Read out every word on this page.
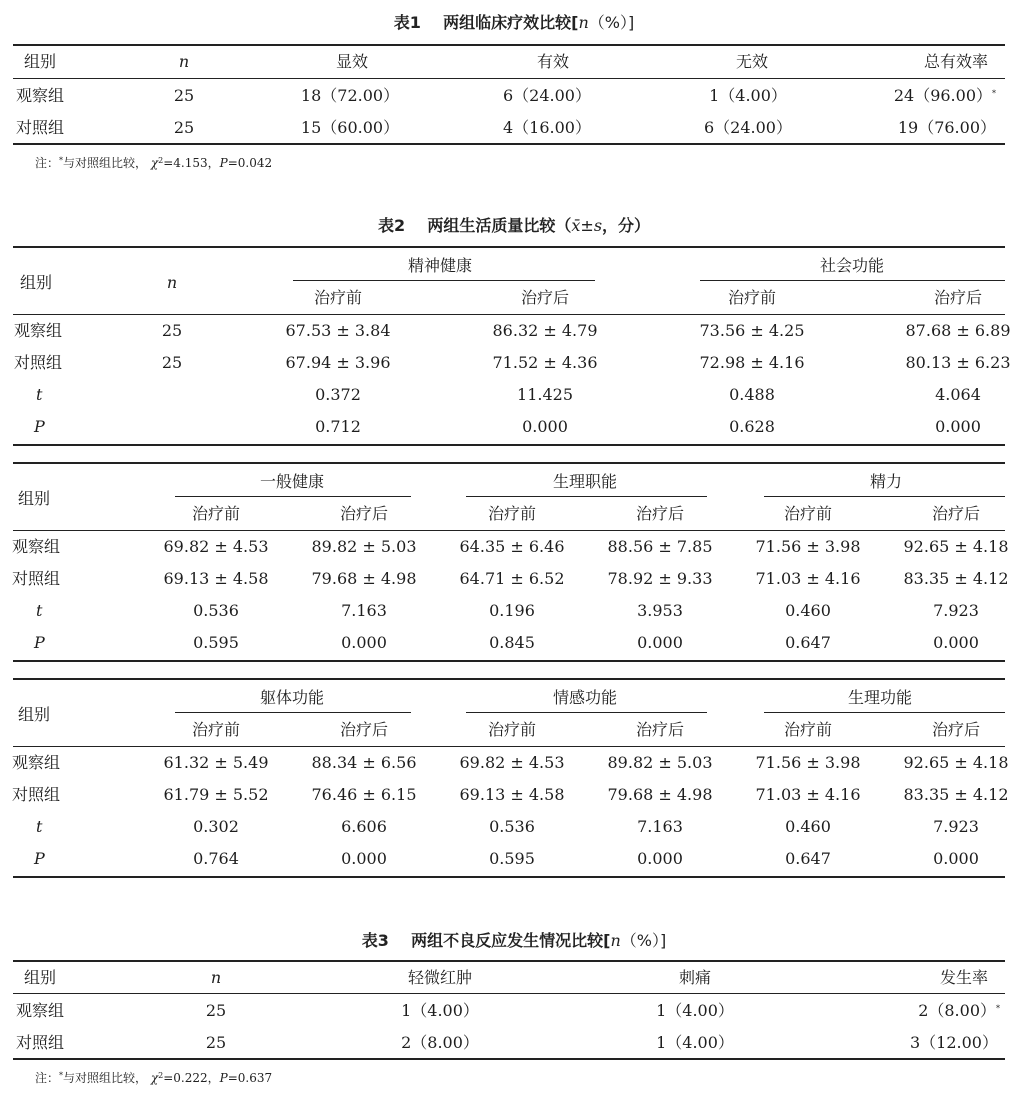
表1 两组临床疗效比较[n（%）]
组别	n	显效	有效	无效	总有效率
观察组	25	18（72.00）	6（24.00）	1（4.00）	24（96.00）*
对照组	25	15（60.00）	4（16.00）	6（24.00）	19（76.00）
注：*与对照组比较， $\chi^2=4.153$，P=0.042
表2 两组生活质量比较（x̄±s，分）
组别	n
精神健康	社会功能
治疗前	治疗后	治疗前	治疗后
观察组	25	67.53 ± 3.84	86.32 ± 4.79	73.56 ± 4.25	87.68 ± 6.89
对照组	25	67.94 ± 3.96	71.52 ± 4.36	72.98 ± 4.16	80.13 ± 6.23
t	0.372	11.425	0.488	4.064
P	0.712	0.000	0.628	0.000
组别
一般健康	生理职能	精力
治疗前	治疗后	治疗前	治疗后	治疗前	治疗后
观察组	69.82 ± 4.53	89.82 ± 5.03	64.35 ± 6.46	88.56 ± 7.85	71.56 ± 3.98	92.65 ± 4.18
对照组	69.13 ± 4.58	79.68 ± 4.98	64.71 ± 6.52	78.92 ± 9.33	71.03 ± 4.16	83.35 ± 4.12
t	0.536	7.163	0.196	3.953	0.460	7.923
P	0.595	0.000	0.845	0.000	0.647	0.000
组别
躯体功能	情感功能	生理功能
治疗前	治疗后	治疗前	治疗后	治疗前	治疗后
观察组	61.32 ± 5.49	88.34 ± 6.56	69.82 ± 4.53	89.82 ± 5.03	71.56 ± 3.98	92.65 ± 4.18
对照组	61.79 ± 5.52	76.46 ± 6.15	69.13 ± 4.58	79.68 ± 4.98	71.03 ± 4.16	83.35 ± 4.12
t	0.302	6.606	0.536	7.163	0.460	7.923
P	0.764	0.000	0.595	0.000	0.647	0.000
表3 两组不良反应发生情况比较[n（%）]
组别	n	轻微红肿	刺痛	发生率
观察组	25	1（4.00）	1（4.00）	2（8.00）*
对照组	25	2（8.00）	1（4.00）	3（12.00）
注：*与对照组比较， $\chi^2=0.222$，P=0.637
